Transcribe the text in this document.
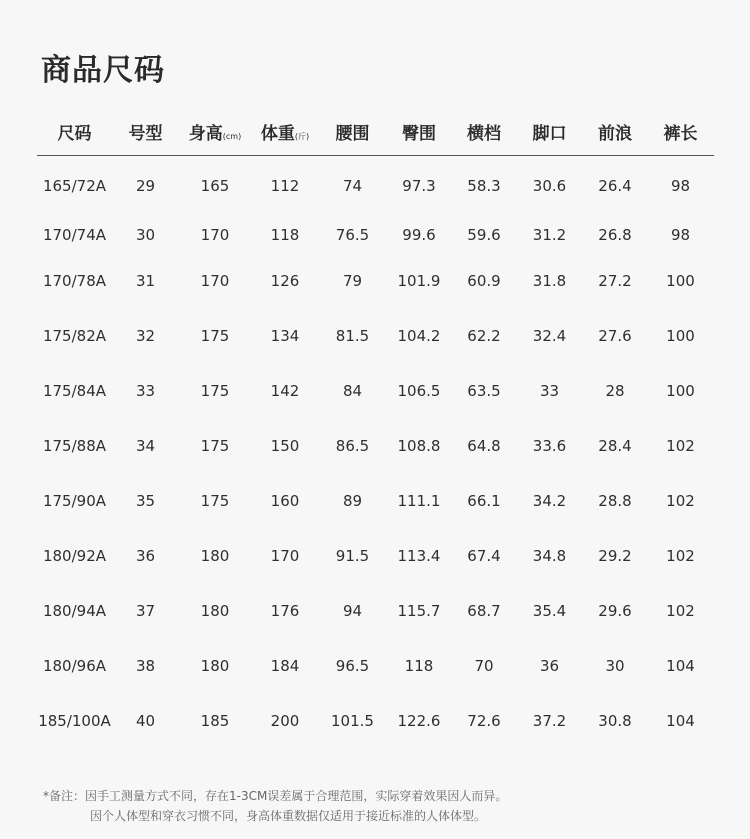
商品尺码
尺码	号型	身高(cm)	体重(斤)	腰围	臀围	横档	脚口	前浪	裤长
165/72A	29	165	112	74	97.3	58.3	30.6	26.4	98
170/74A	30	170	118	76.5	99.6	59.6	31.2	26.8	98
170/78A	31	170	126	79	101.9	60.9	31.8	27.2	100
175/82A	32	175	134	81.5	104.2	62.2	32.4	27.6	100
175/84A	33	175	142	84	106.5	63.5	33	28	100
175/88A	34	175	150	86.5	108.8	64.8	33.6	28.4	102
175/90A	35	175	160	89	111.1	66.1	34.2	28.8	102
180/92A	36	180	170	91.5	113.4	67.4	34.8	29.2	102
180/94A	37	180	176	94	115.7	68.7	35.4	29.6	102
180/96A	38	180	184	96.5	118	70	36	30	104
185/100A	40	185	200	101.5	122.6	72.6	37.2	30.8	104
*备注：因手工测量方式不同，存在1-3CM误差属于合理范围，实际穿着效果因人而异。
因个人体型和穿衣习惯不同，身高体重数据仅适用于接近标准的人体体型。
